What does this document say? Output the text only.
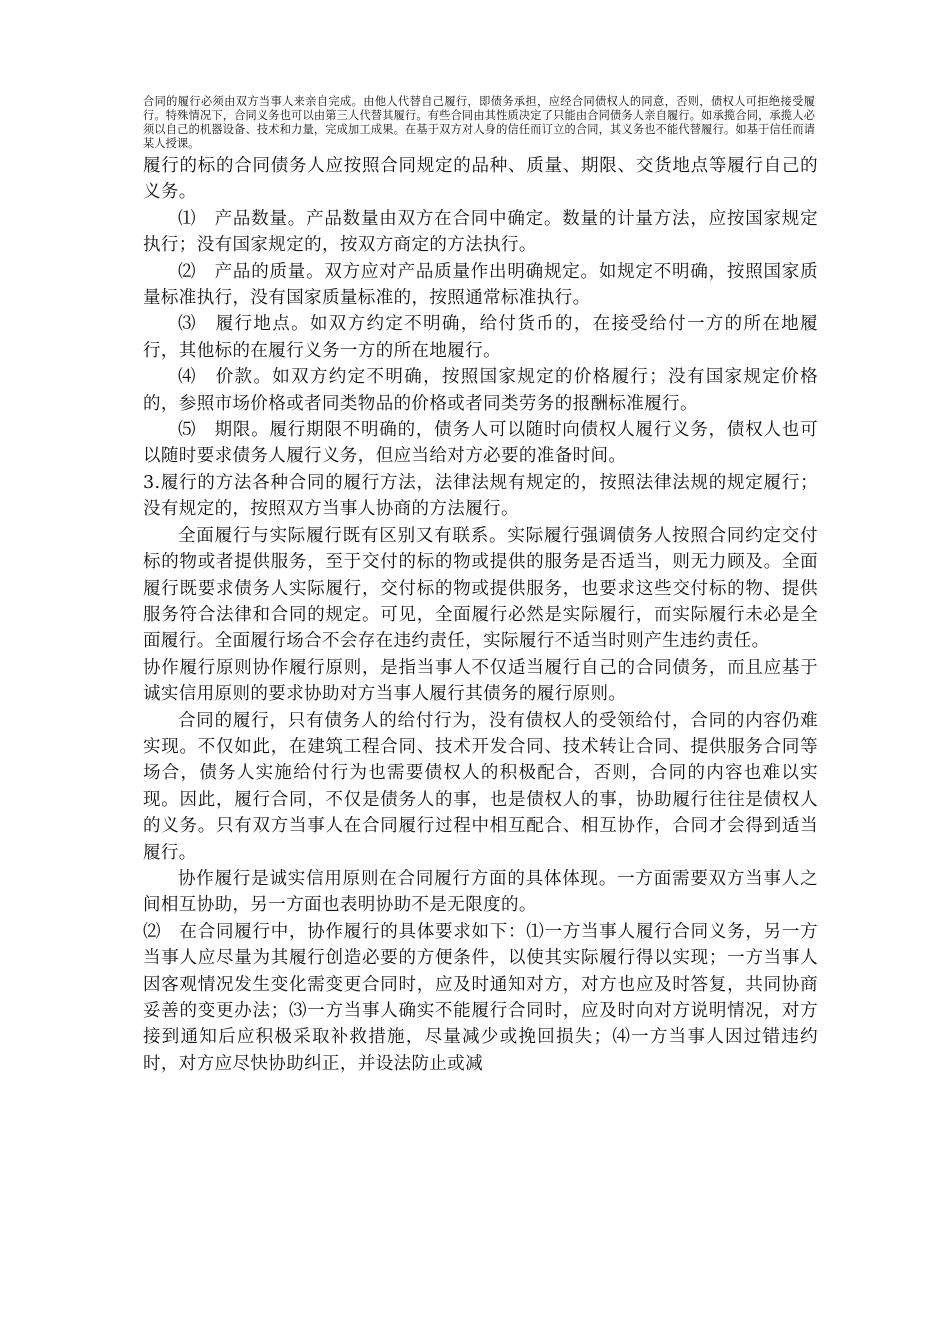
合同的履行必须由双方当事人来亲自完成。由他人代替自己履行，即债务承担，应经合同债权人的同意，否则，债权人可拒绝接受履行。特殊情况下，合同义务也可以由第三人代替其履行。有些合同由其性质决定了只能由合同债务人亲自履行。如承揽合同，承揽人必须以自己的机器设备、技术和力量，完成加工成果。在基于双方对人身的信任而订立的合同，其义务也不能代替履行。如基于信任而请某人授课。

履行的标的合同债务人应按照合同规定的品种、质量、期限、交货地点等履行自己的义务。

⑴　产品数量。产品数量由双方在合同中确定。数量的计量方法，应按国家规定执行；没有国家规定的，按双方商定的方法执行。

⑵　产品的质量。双方应对产品质量作出明确规定。如规定不明确，按照国家质量标准执行，没有国家质量标准的，按照通常标准执行。

⑶　履行地点。如双方约定不明确，给付货币的，在接受给付一方的所在地履行，其他标的在履行义务一方的所在地履行。

⑷　价款。如双方约定不明确，按照国家规定的价格履行；没有国家规定价格的，参照市场价格或者同类物品的价格或者同类劳务的报酬标准履行。

⑸　期限。履行期限不明确的，债务人可以随时向债权人履行义务，债权人也可以随时要求债务人履行义务，但应当给对方必要的准备时间。

3.履行的方法各种合同的履行方法，法律法规有规定的，按照法律法规的规定履行；没有规定的，按照双方当事人协商的方法履行。

全面履行与实际履行既有区别又有联系。实际履行强调债务人按照合同约定交付标的物或者提供服务，至于交付的标的物或提供的服务是否适当，则无力顾及。全面履行既要求债务人实际履行，交付标的物或提供服务，也要求这些交付标的物、提供服务符合法律和合同的规定。可见，全面履行必然是实际履行，而实际履行未必是全面履行。全面履行场合不会存在违约责任，实际履行不适当时则产生违约责任。

协作履行原则协作履行原则，是指当事人不仅适当履行自己的合同债务，而且应基于诚实信用原则的要求协助对方当事人履行其债务的履行原则。

合同的履行，只有债务人的给付行为，没有债权人的受领给付，合同的内容仍难实现。不仅如此，在建筑工程合同、技术开发合同、技术转让合同、提供服务合同等场合，债务人实施给付行为也需要债权人的积极配合，否则，合同的内容也难以实现。因此，履行合同，不仅是债务人的事，也是债权人的事，协助履行往往是债权人的义务。只有双方当事人在合同履行过程中相互配合、相互协作，合同才会得到适当履行。

协作履行是诚实信用原则在合同履行方面的具体体现。一方面需要双方当事人之间相互协助，另一方面也表明协助不是无限度的。

⑵　在合同履行中，协作履行的具体要求如下：⑴一方当事人履行合同义务，另一方当事人应尽量为其履行创造必要的方便条件，以使其实际履行得以实现；一方当事人因客观情况发生变化需变更合同时，应及时通知对方，对方也应及时答复，共同协商妥善的变更办法；⑶一方当事人确实不能履行合同时，应及时向对方说明情况，对方接到通知后应积极采取补救措施，尽量减少或挽回损失；⑷一方当事人因过错违约时，对方应尽快协助纠正，并设法防止或减
